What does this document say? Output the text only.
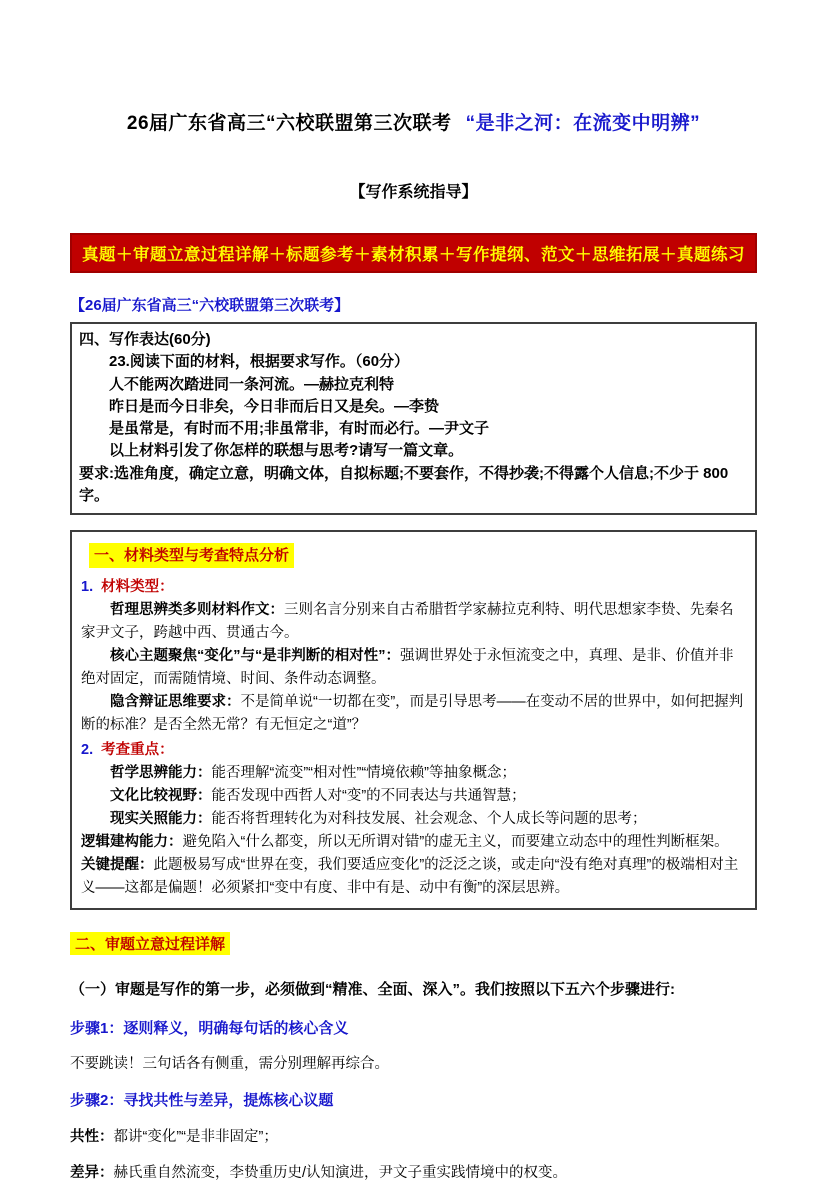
26届广东省高三“六校联盟第三次联考 “是非之河：在流变中明辨”
【写作系统指导】
真题＋审题立意过程详解＋标题参考＋素材积累＋写作提纲、范文＋思维拓展＋真题练习
【26届广东省高三“六校联盟第三次联考】
四、写作表达(60分)
23.阅读下面的材料，根据要求写作。（60分）
人不能两次踏进同一条河流。—赫拉克利特
昨日是而今日非矣，今日非而后日又是矣。—李贽
是虽常是，有时而不用;非虽常非，有时而必行。—尹文子
以上材料引发了你怎样的联想与思考?请写一篇文章。
要求:选准角度，确定立意，明确文体，自拟标题;不要套作，不得抄袭;不得露个人信息;不少于 800字。
一、材料类型与考查特点分析
1. 材料类型：
哲理思辨类多则材料作文：三则名言分别来自古希腊哲学家赫拉克利特、明代思想家李贽、先秦名家尹文子，跨越中西、贯通古今。
核心主题聚焦“变化”与“是非判断的相对性”：强调世界处于永恒流变之中，真理、是非、价值并非绝对固定，而需随情境、时间、条件动态调整。
隐含辩证思维要求：不是简单说“一切都在变”，而是引导思考——在变动不居的世界中，如何把握判断的标准？是否全然无常？有无恒定之“道”？
2. 考查重点：
哲学思辨能力：能否理解“流变”“相对性”“情境依赖”等抽象概念；
文化比较视野：能否发现中西哲人对“变”的不同表达与共通智慧；
现实关照能力：能否将哲理转化为对科技发展、社会观念、个人成长等问题的思考；
逻辑建构能力：避免陷入“什么都变，所以无所谓对错”的虚无主义，而要建立动态中的理性判断框架。
关键提醒：此题极易写成“世界在变，我们要适应变化”的泛泛之谈，或走向“没有绝对真理”的极端相对主义——这都是偏题！必须紧扣“变中有度、非中有是、动中有衡”的深层思辨。
二、审题立意过程详解
（一）审题是写作的第一步，必须做到“精准、全面、深入”。我们按照以下五六个步骤进行:
步骤1：逐则释义，明确每句话的核心含义
不要跳读！三句话各有侧重，需分别理解再综合。
步骤2：寻找共性与差异，提炼核心议题
共性：都讲“变化”“是非非固定”；
差异：赫氏重自然流变，李贽重历史/认知演进，尹文子重实践情境中的权变。
